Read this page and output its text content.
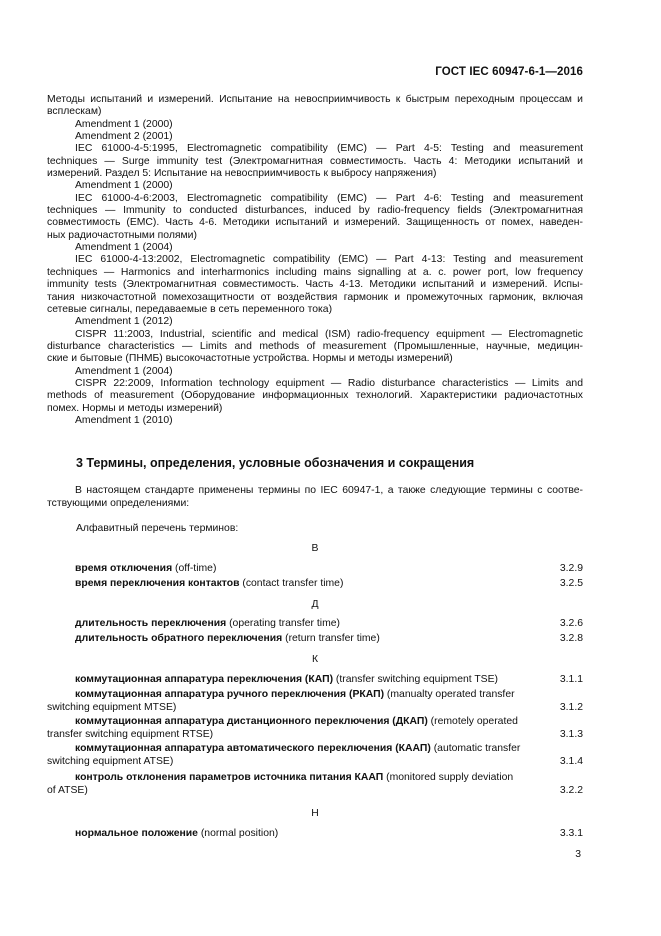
ГОСТ IEC 60947-6-1—2016

Методы испытаний и измерений. Испытание на невосприимчивость к быстрым переходным процессам и
всплескам)

Amendment 1 (2000)

Amendment 2 (2001)

IEC 61000-4-5:1995, Electromagnetic compatibility (EMC) — Part 4-5: Testing and measurement
techniques — Surge immunity test (Электромагнитная совместимость. Часть 4: Методики испытаний и
измерений. Раздел 5: Испытание на невосприимчивость к выбросу напряжения)

Amendment 1 (2000)

IEC 61000-4-6:2003, Electromagnetic compatibility (EMC) — Part 4-6: Testing and measurement
techniques — Immunity to conducted disturbances, induced by radio-frequency fields (Электромагнитная
совместимость (ЕМС). Часть 4-6. Методики испытаний и измерений. Защищенность от помех, наведен-
ных радиочастотными полями)

Amendment 1 (2004)

IEC 61000-4-13:2002, Electromagnetic compatibility (EMC) — Part 4-13: Testing and measurement
techniques — Harmonics and interharmonics including mains signalling at a. c. power port, low frequency
immunity tests (Электромагнитная совместимость. Часть 4-13. Методики испытаний и измерений. Испы-
тания низкочастотной помехозащитности от воздействия гармоник и промежуточных гармоник, включая
сетевые сигналы, передаваемые в сеть переменного тока)

Amendment 1 (2012)

CISPR 11:2003, Industrial, scientific and medical (ISM) radio-frequency equipment — Electromagnetic
disturbance characteristics — Limits and methods of measurement (Промышленные, научные, медицин-
ские и бытовые (ПНМБ) высокочастотные устройства. Нормы и методы измерений)

Amendment 1 (2004)

CISPR 22:2009, Information technology equipment — Radio disturbance characteristics — Limits and
methods of measurement (Оборудование информационных технологий. Характеристики радиочастотных
помех. Нормы и методы измерений)

Amendment 1 (2010)

3 Термины, определения, условные обозначения и сокращения
В настоящем стандарте применены термины по IEC 60947-1, а также следующие термины с соотве-
тствующими определениями:
Алфавитный перечень терминов:
В
время отключения (off-time)	3.2.9
время переключения контактов (contact transfer time)	3.2.5
Д
длительность переключения (operating transfer time)	3.2.6
длительность обратного переключения (return transfer time)	3.2.8
К
коммутационная аппаратура переключения (КАП) (transfer switching equipment TSE)	3.1.1
коммутационная аппаратура ручного переключения (РКАП) (manualty operated transfer
switching equipment MTSE)	3.1.2
коммутационная аппаратура дистанционного переключения (ДКАП) (remotely operated
transfer switching equipment RTSE)	3.1.3
коммутационная аппаратура автоматического переключения (КААП) (automatic transfer
switching equipment ATSE)	3.1.4
контроль отклонения параметров источника питания КААП (monitored supply deviation
of ATSE)	3.2.2
Н
нормальное положение (normal position)	3.3.1
3
